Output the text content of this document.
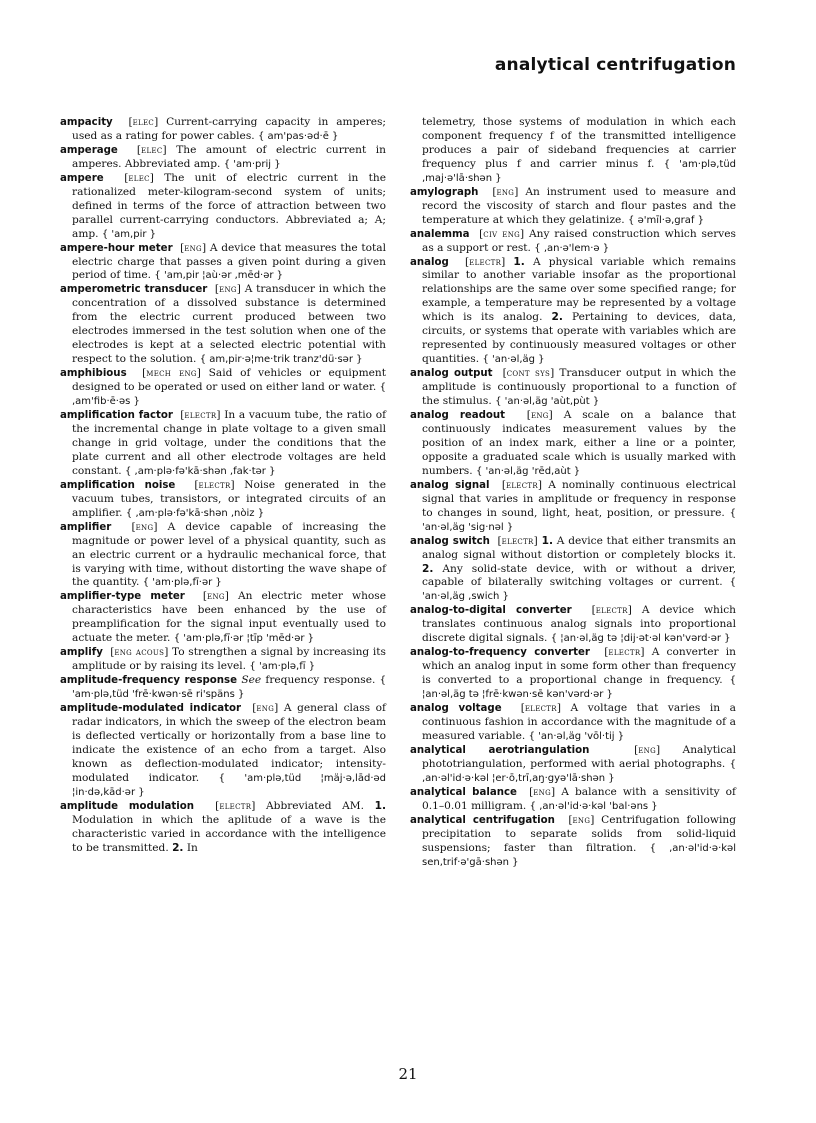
analytical centrifugation

ampacity [elec] Current-carrying capacity in amperes; used as a rating for power cables. { am'pas·əd·ē }

amperage [elec] The amount of electric current in amperes. Abbreviated amp. { 'am·prij }

ampere [elec] The unit of electric current in the rationalized meter-kilogram-second system of units; defined in terms of the force of attraction between two parallel current-carrying conductors. Abbreviated a; A; amp. { 'am,pir }

ampere-hour meter [eng] A device that measures the total electric charge that passes a given point during a given period of time. { 'am,pir ¦aù·ər ,mēd·ər }

amperometric transducer [eng] A transducer in which the concentration of a dissolved substance is determined from the electric current produced between two electrodes immersed in the test solution when one of the electrodes is kept at a selected electric potential with respect to the solution. { am,pir·ə¦me·trik tranz'dü·sər }

amphibious [mech eng] Said of vehicles or equipment designed to be operated or used on either land or water. { ,am'fib·ē·əs }

amplification factor [electr] In a vacuum tube, the ratio of the incremental change in plate voltage to a given small change in grid voltage, under the conditions that the plate current and all other electrode voltages are held constant. { ,am·plə·fə'kā·shən ,fak·tər }

amplification noise [electr] Noise generated in the vacuum tubes, transistors, or integrated circuits of an amplifier. { ,am·plə·fə'kā·shən ,nòiz }

amplifier [eng] A device capable of increasing the magnitude or power level of a physical quantity, such as an electric current or a hydraulic mechanical force, that is varying with time, without distorting the wave shape of the quantity. { 'am·plə,fī·ər }

amplifier-type meter [eng] An electric meter whose characteristics have been enhanced by the use of preamplification for the signal input eventually used to actuate the meter. { 'am·plə,fī·ər ¦tīp 'mēd·ər }

amplify [eng acous] To strengthen a signal by increasing its amplitude or by raising its level. { 'am·plə,fī }

amplitude-frequency response See frequency response. { 'am·plə,tüd 'frē·kwən·sē ri'späns }

amplitude-modulated indicator [eng] A general class of radar indicators, in which the sweep of the electron beam is deflected vertically or horizontally from a base line to indicate the existence of an echo from a target. Also known as deflection-modulated indicator; intensity-modulated indicator. { 'am·plə,tüd ¦mäj·ə,lād·əd ¦in·də,kād·ər }

amplitude modulation [electr] Abbreviated AM. 1. Modulation in which the aplitude of a wave is the characteristic varied in accordance with the intelligence to be transmitted. 2. In

telemetry, those systems of modulation in which each component frequency f of the transmitted intelligence produces a pair of sideband frequencies at carrier frequency plus f and carrier minus f. { 'am·plə,tüd ,maj·ə'lā·shən }

amylograph [eng] An instrument used to measure and record the viscosity of starch and flour pastes and the temperature at which they gelatinize. { ə'mīl·ə,graf }

analemma [civ eng] Any raised construction which serves as a support or rest. { ,an·ə'lem·ə }

analog [electr] 1. A physical variable which remains similar to another variable insofar as the proportional relationships are the same over some specified range; for example, a temperature may be represented by a voltage which is its analog. 2. Pertaining to devices, data, circuits, or systems that operate with variables which are represented by continuously measured voltages or other quantities. { 'an·əl,äg }

analog output [cont sys] Transducer output in which the amplitude is continuously proportional to a function of the stimulus. { 'an·əl,äg 'aùt,pùt }

analog readout [eng] A scale on a balance that continuously indicates measurement values by the position of an index mark, either a line or a pointer, opposite a graduated scale which is usually marked with numbers. { 'an·əl,äg 'rēd,aùt }

analog signal [electr] A nominally continuous electrical signal that varies in amplitude or frequency in response to changes in sound, light, heat, position, or pressure. { 'an·əl,äg 'sig·nəl }

analog switch [electr] 1. A device that either transmits an analog signal without distortion or completely blocks it. 2. Any solid-state device, with or without a driver, capable of bilaterally switching voltages or current. { 'an·əl,äg ,swich }

analog-to-digital converter [electr] A device which translates continuous analog signals into proportional discrete digital signals. { ¦an·əl,äg tə ¦dij·ət·əl kən'vərd·ər }

analog-to-frequency converter [electr] A converter in which an analog input in some form other than frequency is converted to a proportional change in frequency. { ¦an·əl,äg tə ¦frē·kwən·sē kən'vərd·ər }

analog voltage [electr] A voltage that varies in a continuous fashion in accordance with the magnitude of a measured variable. { 'an·əl,äg 'vōl·tij }

analytical aerotriangulation	[eng] Analytical phototriangulation, performed with aerial photographs. { ,an·əl'id·ə·kəl ¦er·ō,trī,aŋ·gyə'lā·shən }

analytical balance [eng] A balance with a sensitivity of 0.1–0.01 milligram. { ,an·əl'id·ə·kəl 'bal·əns }

analytical centrifugation [eng] Centrifugation following precipitation to separate solids from solid-liquid suspensions; faster than filtration. { ,an·əl'id·ə·kəl sen,trif·ə'gā·shən }

21
